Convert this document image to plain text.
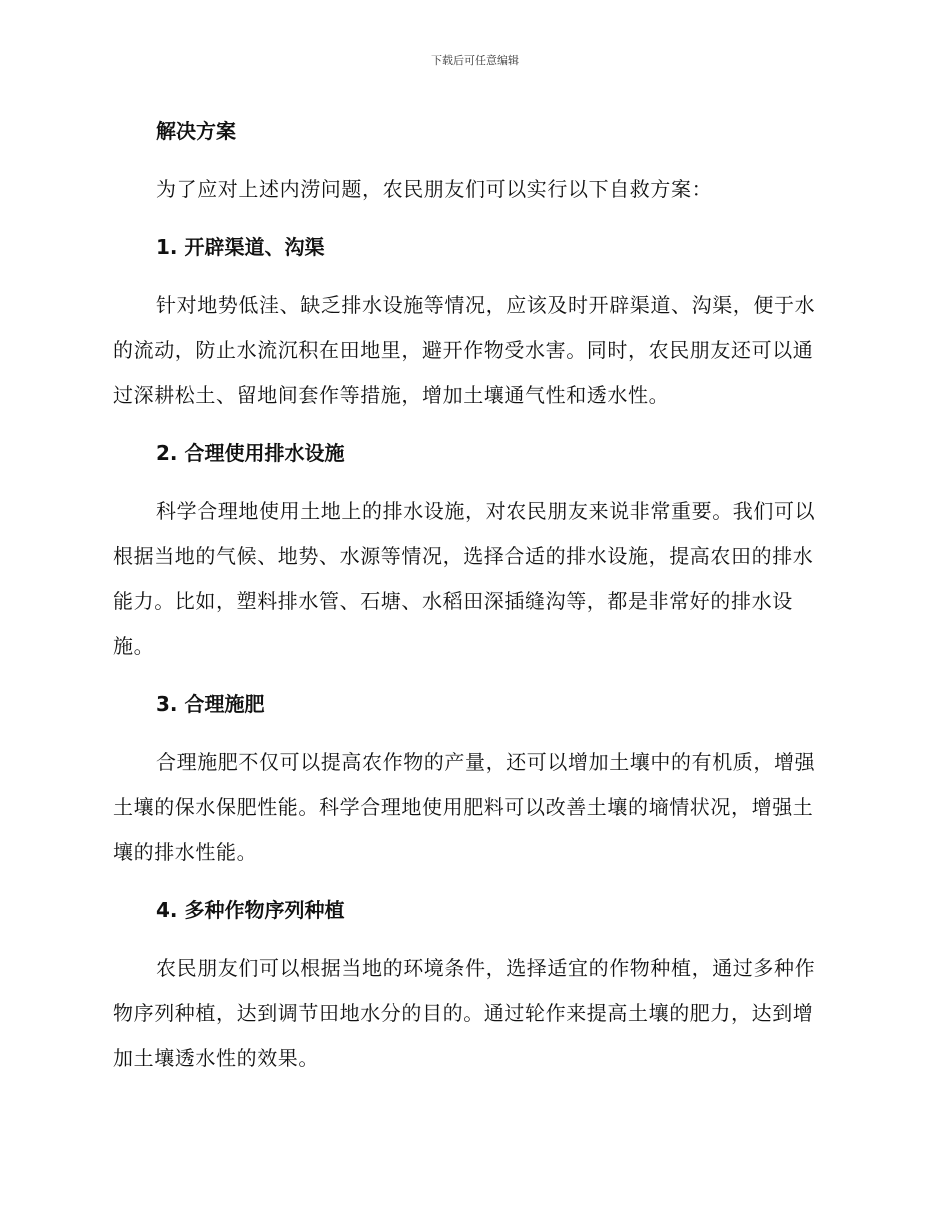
下载后可任意编辑

解决方案

为了应对上述内涝问题，农民朋友们可以实行以下自救方案：

1. 开辟渠道、沟渠

针对地势低洼、缺乏排水设施等情况，应该及时开辟渠道、沟渠，便于水的流动，防止水流沉积在田地里，避开作物受水害。同时，农民朋友还可以通过深耕松土、留地间套作等措施，增加土壤通气性和透水性。

2. 合理使用排水设施

科学合理地使用土地上的排水设施，对农民朋友来说非常重要。我们可以根据当地的气候、地势、水源等情况，选择合适的排水设施，提高农田的排水能力。比如，塑料排水管、石塘、水稻田深插缝沟等，都是非常好的排水设施。

3. 合理施肥

合理施肥不仅可以提高农作物的产量，还可以增加土壤中的有机质，增强土壤的保水保肥性能。科学合理地使用肥料可以改善土壤的墒情状况，增强土壤的排水性能。

4. 多种作物序列种植

农民朋友们可以根据当地的环境条件，选择适宜的作物种植，通过多种作物序列种植，达到调节田地水分的目的。通过轮作来提高土壤的肥力，达到增加土壤透水性的效果。
